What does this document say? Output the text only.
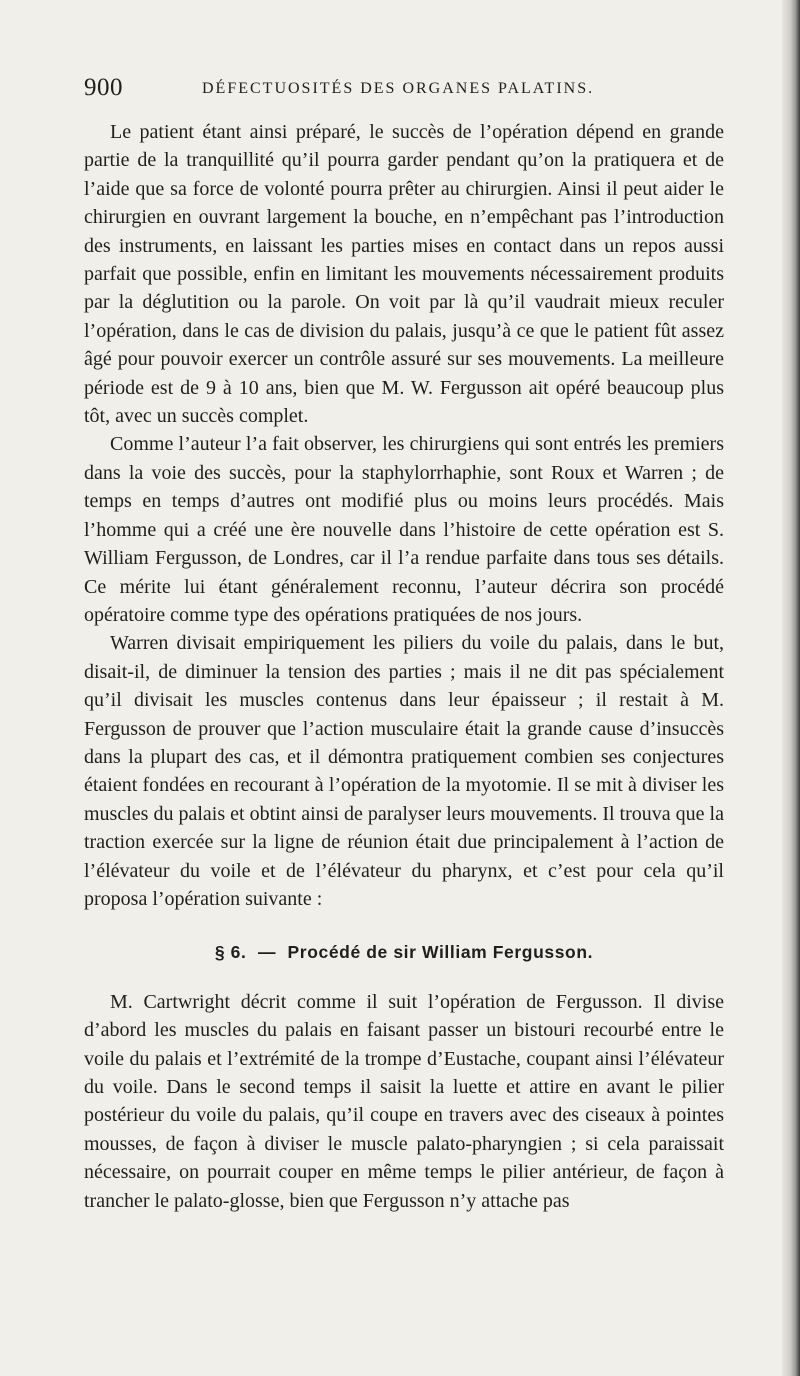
900	DÉFECTUOSITÉS DES ORGANES PALATINS.

Le patient étant ainsi préparé, le succès de l’opération dépend en grande partie de la tranquillité qu’il pourra garder pendant qu’on la pratiquera et de l’aide que sa force de volonté pourra prêter au chirurgien. Ainsi il peut aider le chirurgien en ouvrant largement la bouche, en n’empêchant pas l’introduction des instruments, en laissant les parties mises en contact dans un repos aussi parfait que possible, enfin en limitant les mouvements nécessairement produits par la déglutition ou la parole. On voit par là qu’il vaudrait mieux reculer l’opération, dans le cas de division du palais, jusqu’à ce que le patient fût assez âgé pour pouvoir exercer un contrôle assuré sur ses mouvements. La meilleure période est de 9 à 10 ans, bien que M. W. Fergusson ait opéré beaucoup plus tôt, avec un succès complet.

Comme l’auteur l’a fait observer, les chirurgiens qui sont entrés les premiers dans la voie des succès, pour la staphylorrhaphie, sont Roux et Warren ; de temps en temps d’autres ont modifié plus ou moins leurs procédés. Mais l’homme qui a créé une ère nouvelle dans l’histoire de cette opération est S. William Fergusson, de Londres, car il l’a rendue parfaite dans tous ses détails. Ce mérite lui étant généralement reconnu, l’auteur décrira son procédé opératoire comme type des opérations pratiquées de nos jours.

Warren divisait empiriquement les piliers du voile du palais, dans le but, disait-il, de diminuer la tension des parties ; mais il ne dit pas spécialement qu’il divisait les muscles contenus dans leur épaisseur ; il restait à M. Fergusson de prouver que l’action musculaire était la grande cause d’insuccès dans la plupart des cas, et il démontra pratiquement combien ses conjectures étaient fondées en recourant à l’opération de la myotomie. Il se mit à diviser les muscles du palais et obtint ainsi de paralyser leurs mouvements. Il trouva que la traction exercée sur la ligne de réunion était due principalement à l’action de l’élévateur du voile et de l’élévateur du pharynx, et c’est pour cela qu’il proposa l’opération suivante :

§ 6. — Procédé de sir William Fergusson.

M. Cartwright décrit comme il suit l’opération de Fergusson. Il divise d’abord les muscles du palais en faisant passer un bistouri recourbé entre le voile du palais et l’extrémité de la trompe d’Eustache, coupant ainsi l’élévateur du voile. Dans le second temps il saisit la luette et attire en avant le pilier postérieur du voile du palais, qu’il coupe en travers avec des ciseaux à pointes mousses, de façon à diviser le muscle palato-pharyngien ; si cela paraissait nécessaire, on pourrait couper en même temps le pilier antérieur, de façon à trancher le palato-glosse, bien que Fergusson n’y attache pas
